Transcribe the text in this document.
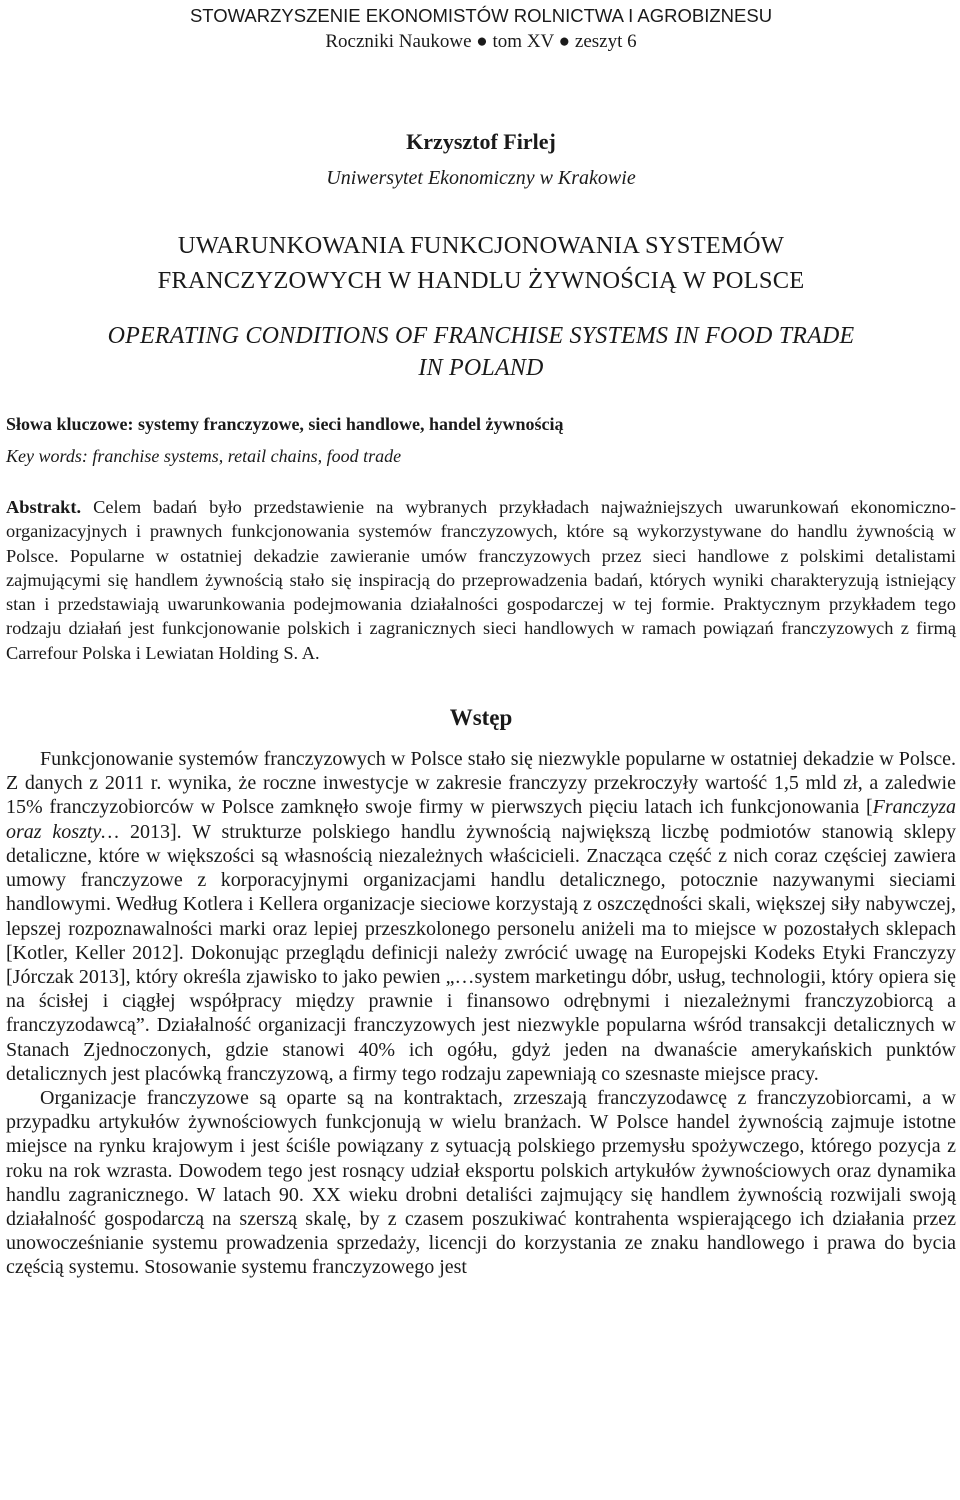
STOWARZYSZENIE EKONOMISTÓW ROLNICTWA I AGROBIZNESU
Roczniki Naukowe ● tom XV ● zeszyt 6
Krzysztof Firlej
Uniwersytet Ekonomiczny w Krakowie
UWARUNKOWANIA FUNKCJONOWANIA SYSTEMÓW
FRANCZYZOWYCH W HANDLU ŻYWNOŚCIĄ W POLSCE
OPERATING CONDITIONS OF FRANCHISE SYSTEMS IN FOOD TRADE
IN POLAND
Słowa kluczowe: systemy franczyzowe, sieci handlowe, handel żywnością
Key words: franchise systems, retail chains, food trade
Abstrakt. Celem badań było przedstawienie na wybranych przykładach najważniejszych uwarunkowań ekonomiczno-organizacyjnych i prawnych funkcjonowania systemów franczyzowych, które są wykorzystywane do handlu żywnością w Polsce. Popularne w ostatniej dekadzie zawieranie umów franczyzowych przez sieci handlowe z polskimi detalistami zajmującymi się handlem żywnością stało się inspiracją do przeprowadzenia badań, których wyniki charakteryzują istniejący stan i przedstawiają uwarunkowania podejmowania działalności gospodarczej w tej formie. Praktycznym przykładem tego rodzaju działań jest funkcjonowanie polskich i zagranicznych sieci handlowych w ramach powiązań franczyzowych z firmą Carrefour Polska i Lewiatan Holding S. A.
Wstęp

Funkcjonowanie systemów franczyzowych w Polsce stało się niezwykle popularne w ostatniej dekadzie w Polsce. Z danych z 2011 r. wynika, że roczne inwestycje w zakresie franczyzy przekroczyły wartość 1,5 mld zł, a zaledwie 15% franczyzobiorców w Polsce zamknęło swoje firmy w pierwszych pięciu latach ich funkcjonowania [Franczyza oraz koszty… 2013]. W strukturze polskiego handlu żywnością największą liczbę podmiotów stanowią sklepy detaliczne, które w większości są własnością niezależnych właścicieli. Znacząca część z nich coraz częściej zawiera umowy franczyzowe z korporacyjnymi organizacjami handlu detalicznego, potocznie nazywanymi sieciami handlowymi. Według Kotlera i Kellera organizacje sieciowe korzystają z oszczędności skali, większej siły nabywczej, lepszej rozpoznawalności marki oraz lepiej przeszkolonego personelu aniżeli ma to miejsce w pozostałych sklepach [Kotler, Keller 2012]. Dokonując przeglądu definicji należy zwrócić uwagę na Europejski Kodeks Etyki Franczyzy [Jórczak 2013], który określa zjawisko to jako pewien „…system marketingu dóbr, usług, technologii, który opiera się na ścisłej i ciągłej współpracy między prawnie i finansowo odrębnymi i niezależnymi franczyzobiorcą a franczyzodawcą”. Działalność organizacji franczyzowych jest niezwykle popularna wśród transakcji detalicznych w Stanach Zjednoczonych, gdzie stanowi 40% ich ogółu, gdyż jeden na dwanaście amerykańskich punktów detalicznych jest placówką franczyzową, a firmy tego rodzaju zapewniają co szesnaste miejsce pracy.

Organizacje franczyzowe są oparte są na kontraktach, zrzeszają franczyzodawcę z franczyzobiorcami, a w przypadku artykułów żywnościowych funkcjonują w wielu branżach. W Polsce handel żywnością zajmuje istotne miejsce na rynku krajowym i jest ściśle powiązany z sytuacją polskiego przemysłu spożywczego, którego pozycja z roku na rok wzrasta. Dowodem tego jest rosnący udział eksportu polskich artykułów żywnościowych oraz dynamika handlu zagranicznego. W latach 90. XX wieku drobni detaliści zajmujący się handlem żywnością rozwijali swoją działalność gospodarczą na szerszą skalę, by z czasem poszukiwać kontrahenta wspierającego ich działania przez unowocześnianie systemu prowadzenia sprzedaży, licencji do korzystania ze znaku handlowego i prawa do bycia częścią systemu. Stosowanie systemu franczyzowego jest
